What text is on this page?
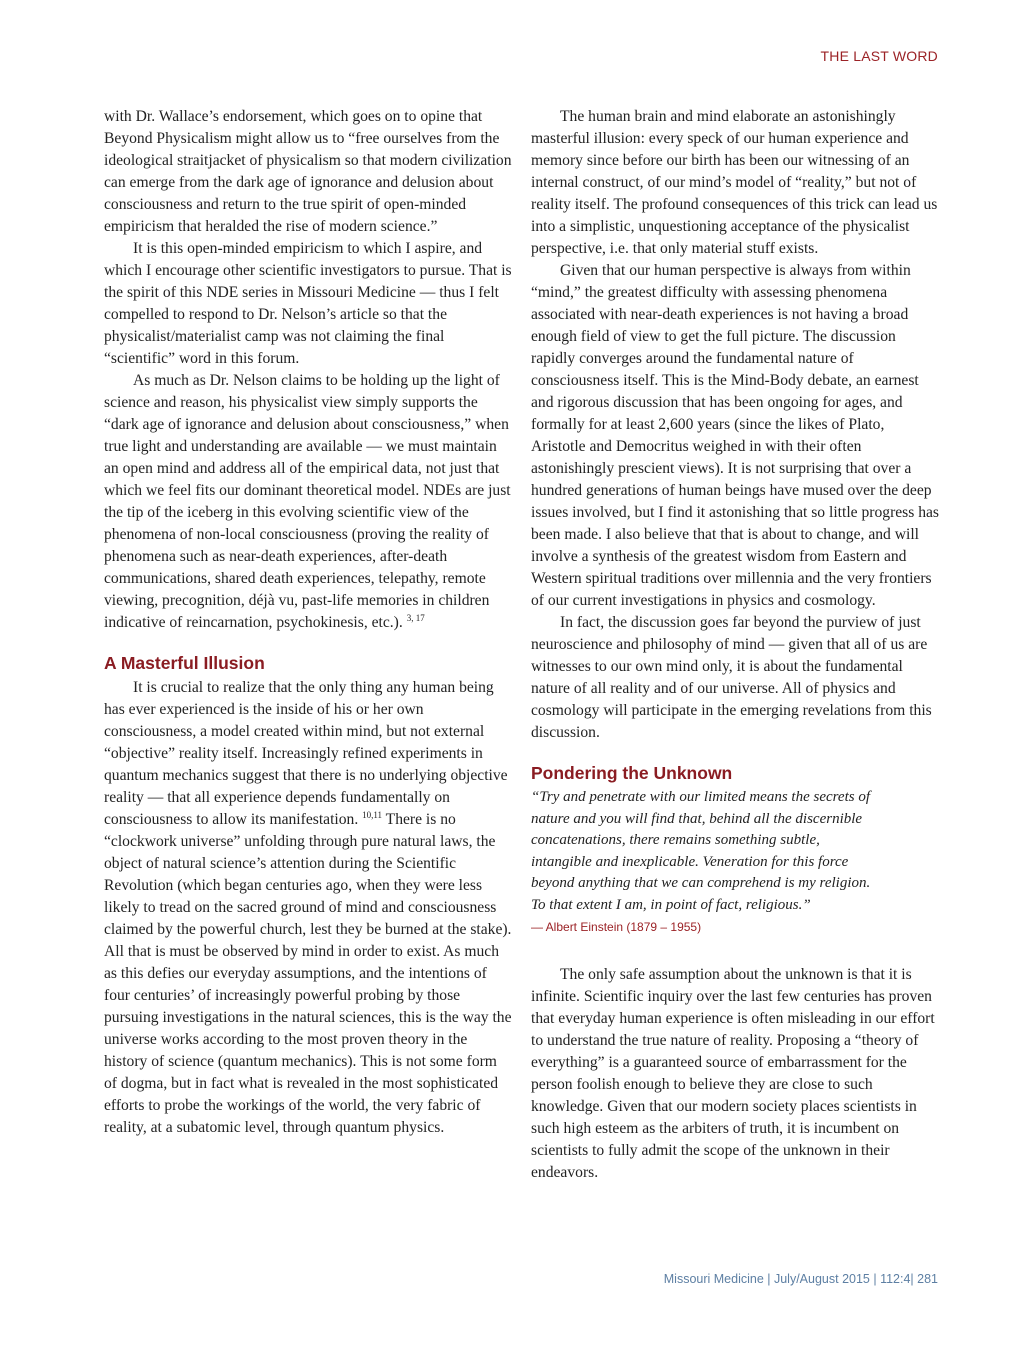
THE LAST WORD

with Dr. Wallace’s endorsement, which goes on to opine that Beyond Physicalism might allow us to “free ourselves from the ideological straitjacket of physicalism so that modern civilization can emerge from the dark age of ignorance and delusion about consciousness and return to the true spirit of open-minded empiricism that heralded the rise of modern science.”

It is this open-minded empiricism to which I aspire, and which I encourage other scientific investigators to pursue. That is the spirit of this NDE series in Missouri Medicine — thus I felt compelled to respond to Dr. Nelson’s article so that the physicalist/materialist camp was not claiming the final “scientific” word in this forum.

As much as Dr. Nelson claims to be holding up the light of science and reason, his physicalist view simply supports the “dark age of ignorance and delusion about consciousness,” when true light and understanding are available — we must maintain an open mind and address all of the empirical data, not just that which we feel fits our dominant theoretical model. NDEs are just the tip of the iceberg in this evolving scientific view of the phenomena of non-local consciousness (proving the reality of phenomena such as near-death experiences, after-death communications, shared death experiences, telepathy, remote viewing, precognition, déjà vu, past-life memories in children indicative of reincarnation, psychokinesis, etc.). $^{3, 17}$

A Masterful Illusion

It is crucial to realize that the only thing any human being has ever experienced is the inside of his or her own consciousness, a model created within mind, but not external “objective” reality itself. Increasingly refined experiments in quantum mechanics suggest that there is no underlying objective reality — that all experience depends fundamentally on consciousness to allow its manifestation. $^{10,11}$ There is no “clockwork universe” unfolding through pure natural laws, the object of natural science’s attention during the Scientific Revolution (which began centuries ago, when they were less likely to tread on the sacred ground of mind and consciousness claimed by the powerful church, lest they be burned at the stake). All that is must be observed by mind in order to exist. As much as this defies our everyday assumptions, and the intentions of four centuries’ of increasingly powerful probing by those pursuing investigations in the natural sciences, this is the way the universe works according to the most proven theory in the history of science (quantum mechanics). This is not some form of dogma, but in fact what is revealed in the most sophisticated efforts to probe the workings of the world, the very fabric of reality, at a subatomic level, through quantum physics.

The human brain and mind elaborate an astonishingly masterful illusion: every speck of our human experience and memory since before our birth has been our witnessing of an internal construct, of our mind’s model of “reality,” but not of reality itself. The profound consequences of this trick can lead us into a simplistic, unquestioning acceptance of the physicalist perspective, i.e. that only material stuff exists.

Given that our human perspective is always from within “mind,” the greatest difficulty with assessing phenomena associated with near-death experiences is not having a broad enough field of view to get the full picture. The discussion rapidly converges around the fundamental nature of consciousness itself. This is the Mind-Body debate, an earnest and rigorous discussion that has been ongoing for ages, and formally for at least 2,600 years (since the likes of Plato, Aristotle and Democritus weighed in with their often astonishingly prescient views). It is not surprising that over a hundred generations of human beings have mused over the deep issues involved, but I find it astonishing that so little progress has been made. I also believe that that is about to change, and will involve a synthesis of the greatest wisdom from Eastern and Western spiritual traditions over millennia and the very frontiers of our current investigations in physics and cosmology.

In fact, the discussion goes far beyond the purview of just neuroscience and philosophy of mind — given that all of us are witnesses to our own mind only, it is about the fundamental nature of all reality and of our universe. All of physics and cosmology will participate in the emerging revelations from this discussion.

Pondering the Unknown

“Try and penetrate with our limited means the secrets of nature and you will find that, behind all the discernible concatenations, there remains something subtle, intangible and inexplicable. Veneration for this force beyond anything that we can comprehend is my religion. To that extent I am, in point of fact, religious.”

— Albert Einstein (1879 – 1955)

The only safe assumption about the unknown is that it is infinite. Scientific inquiry over the last few centuries has proven that everyday human experience is often misleading in our effort to understand the true nature of reality. Proposing a “theory of everything” is a guaranteed source of embarrassment for the person foolish enough to believe they are close to such knowledge. Given that our modern society places scientists in such high esteem as the arbiters of truth, it is incumbent on scientists to fully admit the scope of the unknown in their endeavors.

Missouri Medicine | July/August 2015 | 112:4| 281
